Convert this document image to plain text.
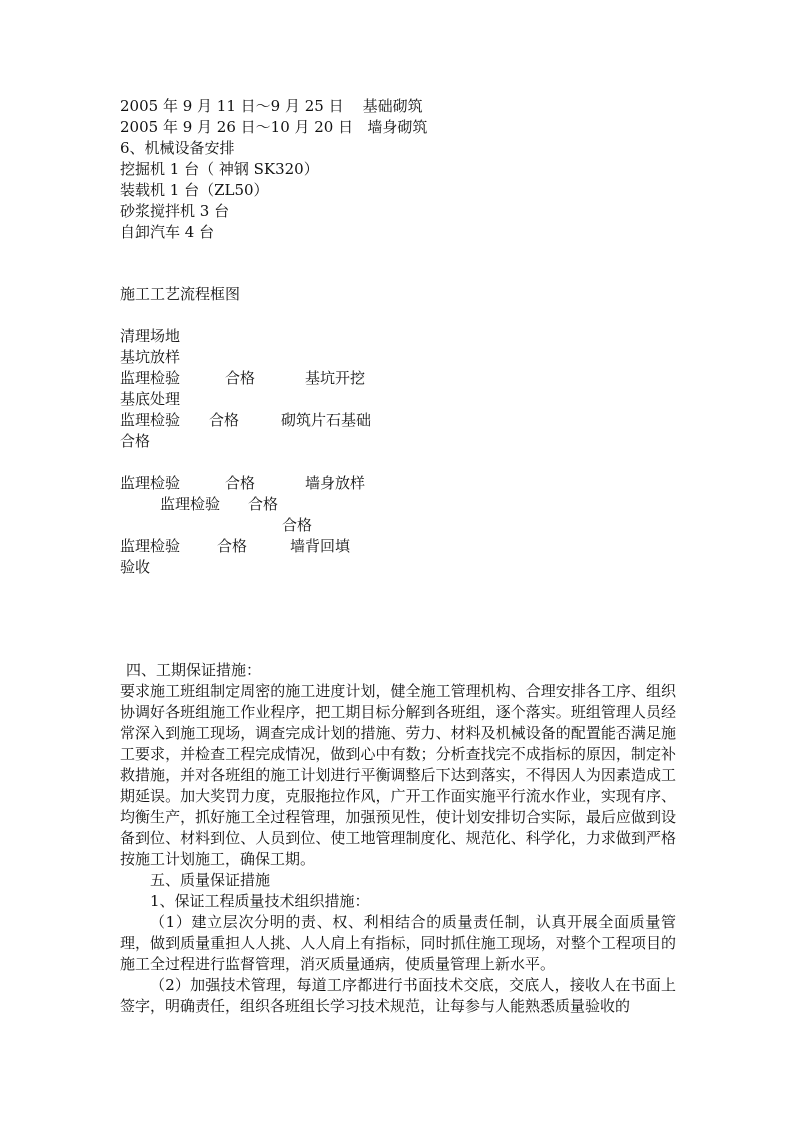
2005 年 9 月 11 日～9 月 25 日    基础砌筑
2005 年 9 月 26 日～10 月 20 日   墙身砌筑
6、机械设备安排
挖掘机 1 台（ 神钢 SK320）
装载机 1 台（ZL50）
砂浆搅拌机 3 台
自卸汽车 4 台
施工工艺流程框图
清理场地
基坑放样
监理检验	合格	基坑开挖
基底处理
监理检验 合格	砌筑片石基础
合格
监理检验	合格	墙身放样
监理检验 合格
合格
监理检验 合格	墙背回填
验收
四、工期保证措施：

要求施工班组制定周密的施工进度计划，健全施工管理机构、合理安排各工序、组织协调好各班组施工作业程序，把工期目标分解到各班组，逐个落实。班组管理人员经常深入到施工现场，调查完成计划的措施、劳力、材料及机械设备的配置能否满足施工要求，并检查工程完成情况，做到心中有数；分析查找完不成指标的原因，制定补救措施，并对各班组的施工计划进行平衡调整后下达到落实，不得因人为因素造成工期延误。加大奖罚力度，克服拖拉作风，广开工作面实施平行流水作业，实现有序、均衡生产，抓好施工全过程管理，加强预见性，使计划安排切合实际，最后应做到设备到位、材料到位、人员到位、使工地管理制度化、规范化、科学化，力求做到严格按施工计划施工，确保工期。

五、质量保证措施
1、保证工程质量技术组织措施：

（1）建立层次分明的责、权、利相结合的质量责任制，认真开展全面质量管理，做到质量重担人人挑、人人肩上有指标，同时抓住施工现场，对整个工程项目的施工全过程进行监督管理，消灭质量通病，使质量管理上新水平。

（2）加强技术管理，每道工序都进行书面技术交底，交底人，接收人在书面上签字，明确责任，组织各班组长学习技术规范，让每参与人能熟悉质量验收的
